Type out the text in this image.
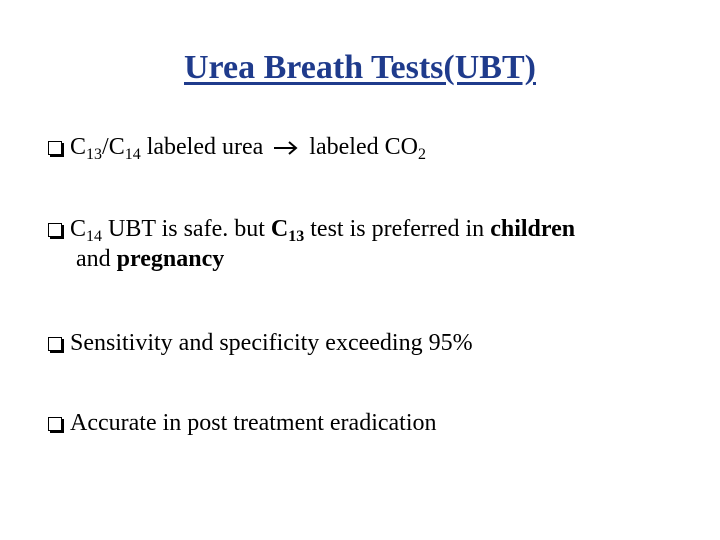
Urea Breath Tests(UBT)
$C_{13}/C_{14}$ labeled urea  labeled $CO_2$
$C_{14}$ UBT is safe. but $C_{13}$ test is preferred in children and pregnancy
Sensitivity and specificity exceeding 95%
Accurate in post treatment eradication
